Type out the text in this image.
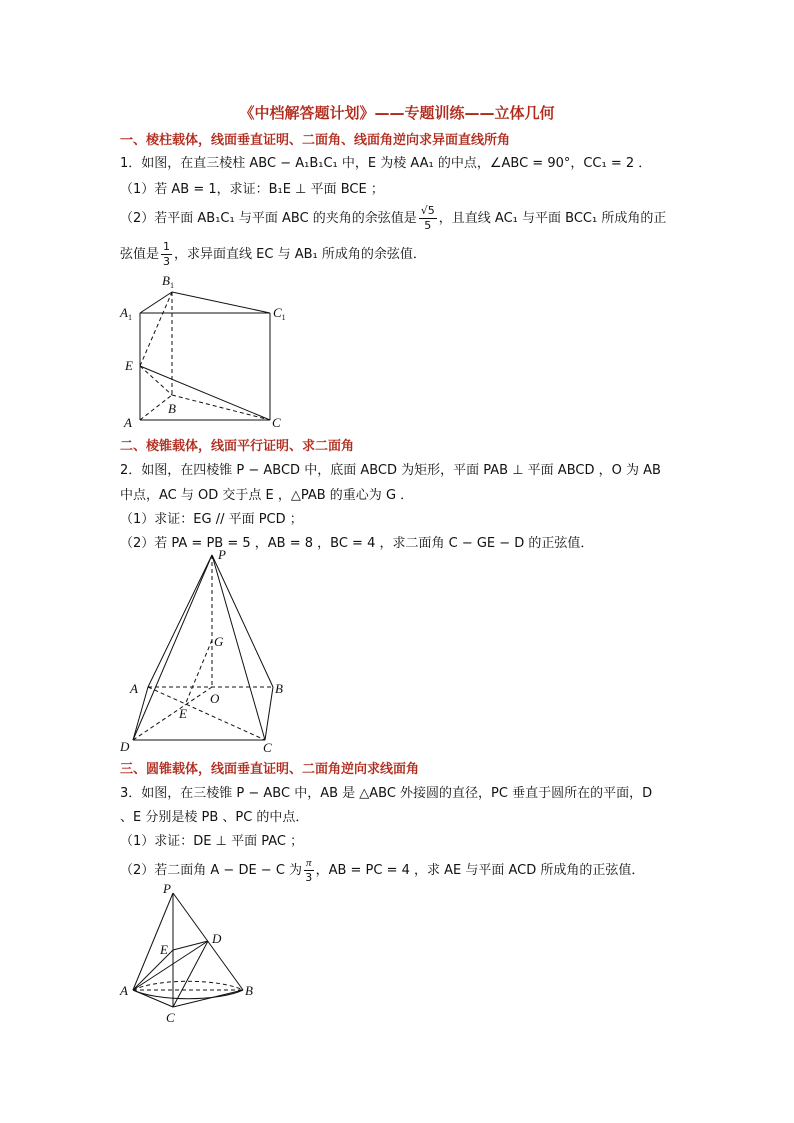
《中档解答题计划》——专题训练——立体几何
一、棱柱载体，线面垂直证明、二面角、线面角逆向求异面直线所角
1．如图，在直三棱柱 ABC − A₁B₁C₁ 中，E 为棱 AA₁ 的中点，∠ABC = 90°，CC₁ = 2 ．
（1）若 AB = 1，求证：B₁E ⊥ 平面 BCE ；
（2）若平面 AB₁C₁ 与平面 ABC 的夹角的余弦值是 $\frac{√5}{5}$ ，且直线 AC₁ 与平面 BCC₁ 所成角的正
弦值是 $\frac{1}{3}$ ，求异面直线 EC 与 AB₁ 所成角的余弦值．
$A_1$
$B_1$
$C_1$
E
A
B
C
二、棱锥载体，线面平行证明、求二面角
2．如图，在四棱锥 P − ABCD 中，底面 ABCD 为矩形，平面 PAB ⊥ 平面 ABCD ，O 为 AB
中点，AC 与 OD 交于点 E ，△PAB 的重心为 G ．
（1）求证：EG // 平面 PCD ；
（2）若 PA = PB = 5 ，AB = 8 ，BC = 4 ，求二面角 C − GE − D 的正弦值．
P
G
A	B
O
E
D	C
三、圆锥载体，线面垂直证明、二面角逆向求线面角
3．如图，在三棱锥 P − ABC 中，AB 是 △ABC 外接圆的直径，PC 垂直于圆所在的平面，D
、E 分别是棱 PB 、PC 的中点．
（1）求证：DE ⊥ 平面 PAC ；
（2）若二面角 A − DE − C 为 $\frac{\pi}{3}$ ，AB = PC = 4 ，求 AE 与平面 ACD 所成角的正弦值．
P
E
D
A	B
C
